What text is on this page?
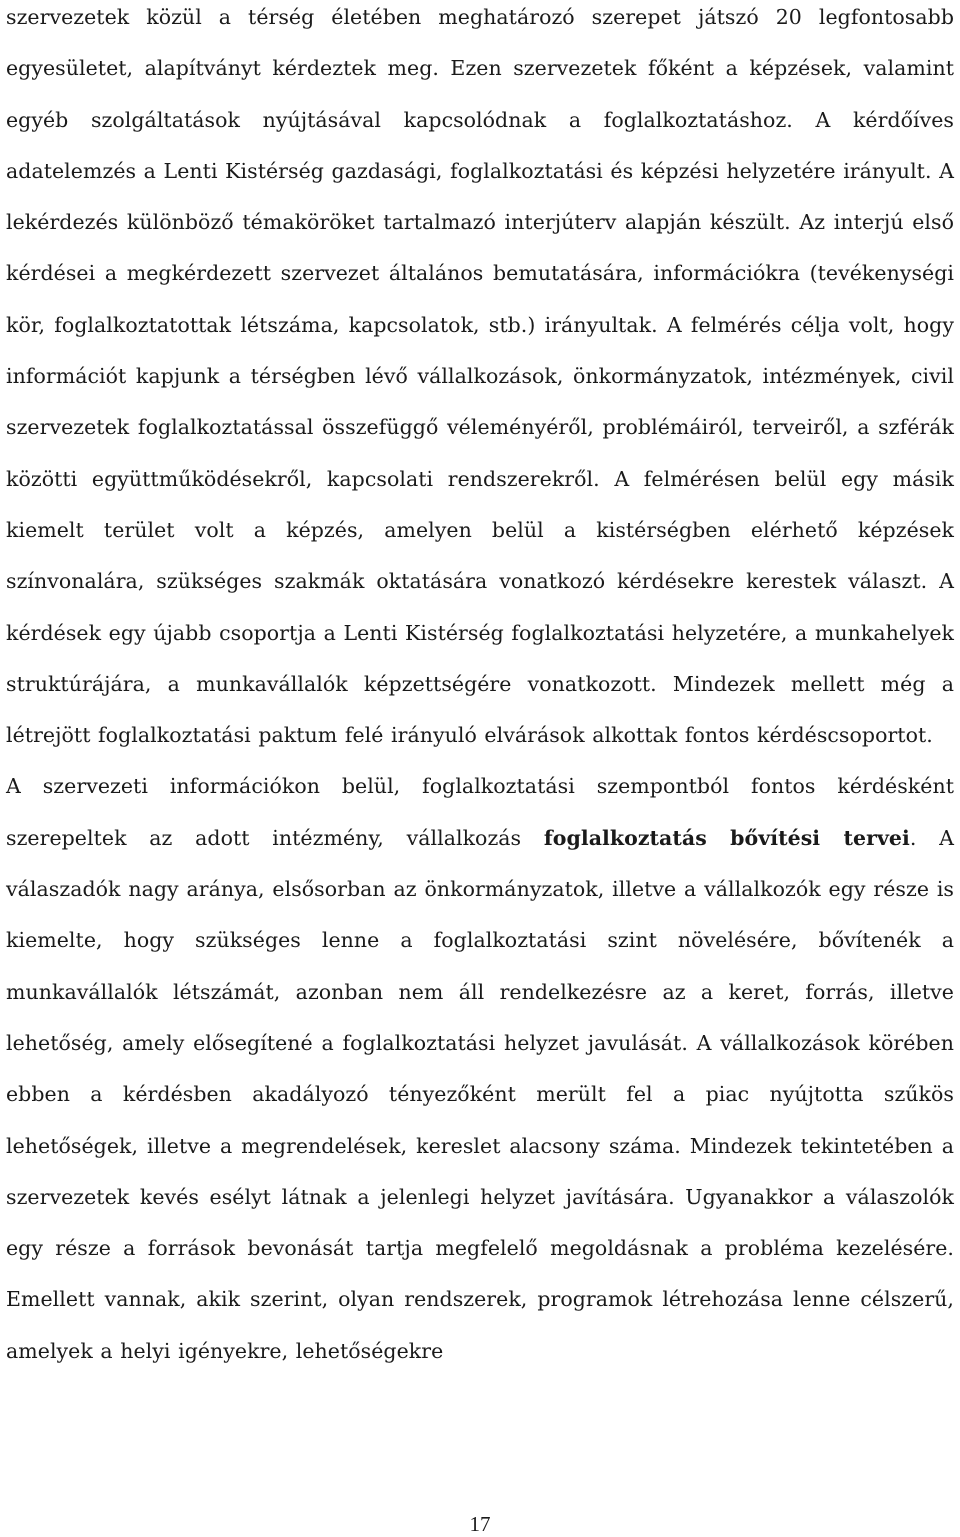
szervezetek közül a térség életében meghatározó szerepet játszó 20 legfontosabb egyesületet, alapítványt kérdeztek meg. Ezen szervezetek főként a képzések, valamint egyéb szolgáltatások nyújtásával kapcsolódnak a foglalkoztatáshoz. A kérdőíves adatelemzés a Lenti Kistérség gazdasági, foglalkoztatási és képzési helyzetére irányult. A lekérdezés különböző témaköröket tartalmazó interjúterv alapján készült. Az interjú első kérdései a megkérdezett szervezet általános bemutatására, információkra (tevékenységi kör, foglalkoztatottak létszáma, kapcsolatok, stb.) irányultak. A felmérés célja volt, hogy információt kapjunk a térségben lévő vállalkozások, önkormányzatok, intézmények, civil szervezetek foglalkoztatással összefüggő véleményéről, problémáiról, terveiről, a szférák közötti együttműködésekről, kapcsolati rendszerekről. A felmérésen belül egy másik kiemelt terület volt a képzés, amelyen belül a kistérségben elérhető képzések színvonalára, szükséges szakmák oktatására vonatkozó kérdésekre kerestek választ. A kérdések egy újabb csoportja a Lenti Kistérség foglalkoztatási helyzetére, a munkahelyek struktúrájára, a munkavállalók képzettségére vonatkozott. Mindezek mellett még a létrejött foglalkoztatási paktum felé irányuló elvárások alkottak fontos kérdéscsoportot.

A szervezeti információkon belül, foglalkoztatási szempontból fontos kérdésként szerepeltek az adott intézmény, vállalkozás foglalkoztatás bővítési tervei. A válaszadók nagy aránya, elsősorban az önkormányzatok, illetve a vállalkozók egy része is kiemelte, hogy szükséges lenne a foglalkoztatási szint növelésére, bővítenék a munkavállalók létszámát, azonban nem áll rendelkezésre az a keret, forrás, illetve lehetőség, amely elősegítené a foglalkoztatási helyzet javulását. A vállalkozások körében ebben a kérdésben akadályozó tényezőként merült fel a piac nyújtotta szűkös lehetőségek, illetve a megrendelések, kereslet alacsony száma. Mindezek tekintetében a szervezetek kevés esélyt látnak a jelenlegi helyzet javítására. Ugyanakkor a válaszolók egy része a források bevonását tartja megfelelő megoldásnak a probléma kezelésére. Emellett vannak, akik szerint, olyan rendszerek, programok létrehozása lenne célszerű, amelyek a helyi igényekre, lehetőségekre

17
